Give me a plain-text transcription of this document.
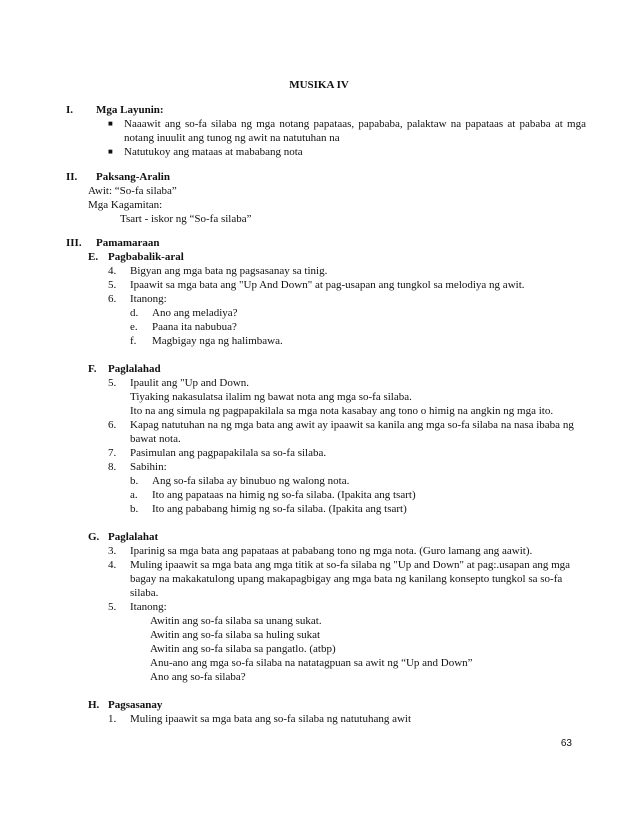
MUSIKA IV
I.	Mga Layunin:
■	Naaawit ang so-fa silaba ng mga notang papataas, papababa, palaktaw na papataas at pababa at mga notang inuulit ang tunog ng awit na natutuhan na
■	Natutukoy ang mataas at mababang nota
II.	Paksang-Aralin
Awit: “So-fa silaba”
Mga Kagamitan:
Tsart - iskor ng “So-fa silaba”
III.	Pamamaraan
E. Pagbabalik-aral
4.	Bigyan ang mga bata ng pagsasanay sa tinig.
5.	Ipaawit sa mga bata ang "Up And Down" at pag-usapan ang tungkol sa melodiya ng awit.
6.	Itanong:
d.	Ano ang meladiya?
e.	Paana ita nabubua?
f.	Magbigay nga ng halimbawa.
F.	Paglalahad
5.	Ipaulit ang "Up and Down.
Tiyaking nakasulatsa ilalim ng bawat nota ang mga so-fa silaba.
Ito na ang simula ng pagpapakilala sa mga nota kasabay ang tono o himig na angkin ng mga ito.
6.	Kapag natutuhan na ng mga bata ang awit ay ipaawit sa kanila ang mga so-fa silaba na nasa ibaba ng bawat nota.
7.	Pasimulan ang pagpapakilala sa so-fa silaba.
8.	Sabihin:
b.	Ang so-fa silaba ay binubuo ng walong nota.
a.	Ito ang papataas na himig ng so-fa silaba. (Ipakita ang tsart)
b.	Ito ang pababang himig ng so-fa silaba. (Ipakita ang tsart)
G. Paglalahat
3.	Iparinig sa mga bata ang papataas at pababang tono ng mga nota. (Guro lamang ang aawit).
4.	Muling ipaawit sa mga bata ang mga titik at so-fa silaba ng "Up and Down" at pag:.usapan ang mga bagay na makakatulong upang makapagbigay ang mga bata ng kanilang konsepto tungkol sa so-fa silaba.
5.	Itanong:
Awitin ang so-fa silaba sa unang sukat.
Awitin ang so-fa silaba sa huling sukat
Awitin ang so-fa silaba sa pangatlo. (atbp)
Anu-ano ang mga so-fa silaba na natatagpuan sa awit ng “Up and Down”
Ano ang so-fa silaba?
H. Pagsasanay
1.	Muling ipaawit sa mga bata ang so-fa silaba ng natutuhang awit
63
